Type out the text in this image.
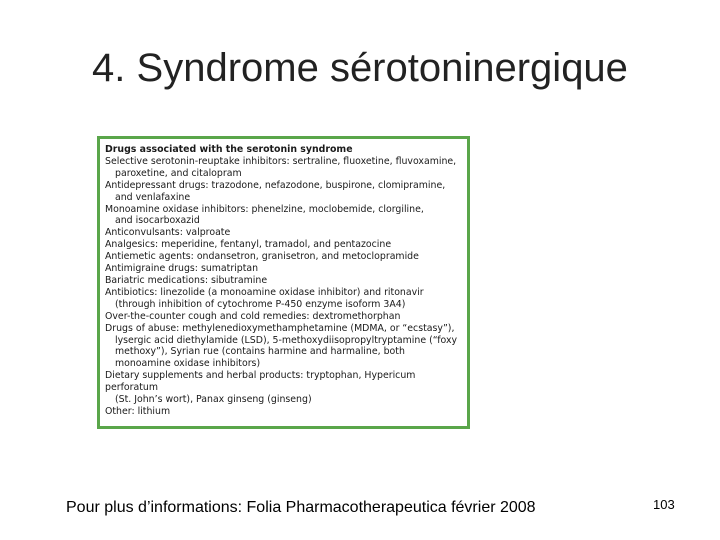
4. Syndrome sérotoninergique
Drugs associated with the serotonin syndrome
Selective serotonin-reuptake inhibitors: sertraline, fluoxetine, fluvoxamine,
paroxetine, and citalopram
Antidepressant drugs: trazodone, nefazodone, buspirone, clomipramine,
and venlafaxine
Monoamine oxidase inhibitors: phenelzine, moclobemide, clorgiline,
and isocarboxazid
Anticonvulsants: valproate
Analgesics: meperidine, fentanyl, tramadol, and pentazocine
Antiemetic agents: ondansetron, granisetron, and metoclopramide
Antimigraine drugs: sumatriptan
Bariatric medications: sibutramine
Antibiotics: linezolide (a monoamine oxidase inhibitor) and ritonavir
(through inhibition of cytochrome P-450 enzyme isoform 3A4)
Over-the-counter cough and cold remedies: dextromethorphan
Drugs of abuse: methylenedioxymethamphetamine (MDMA, or “ecstasy”),
lysergic acid diethylamide (LSD), 5-methoxydiisopropyltryptamine (“foxy
methoxy”), Syrian rue (contains harmine and harmaline, both
monoamine oxidase inhibitors)
Dietary supplements and herbal products: tryptophan, Hypericum perforatum
(St. John’s wort), Panax ginseng (ginseng)
Other: lithium
Pour plus d’informations: Folia Pharmacotherapeutica février 2008	103
